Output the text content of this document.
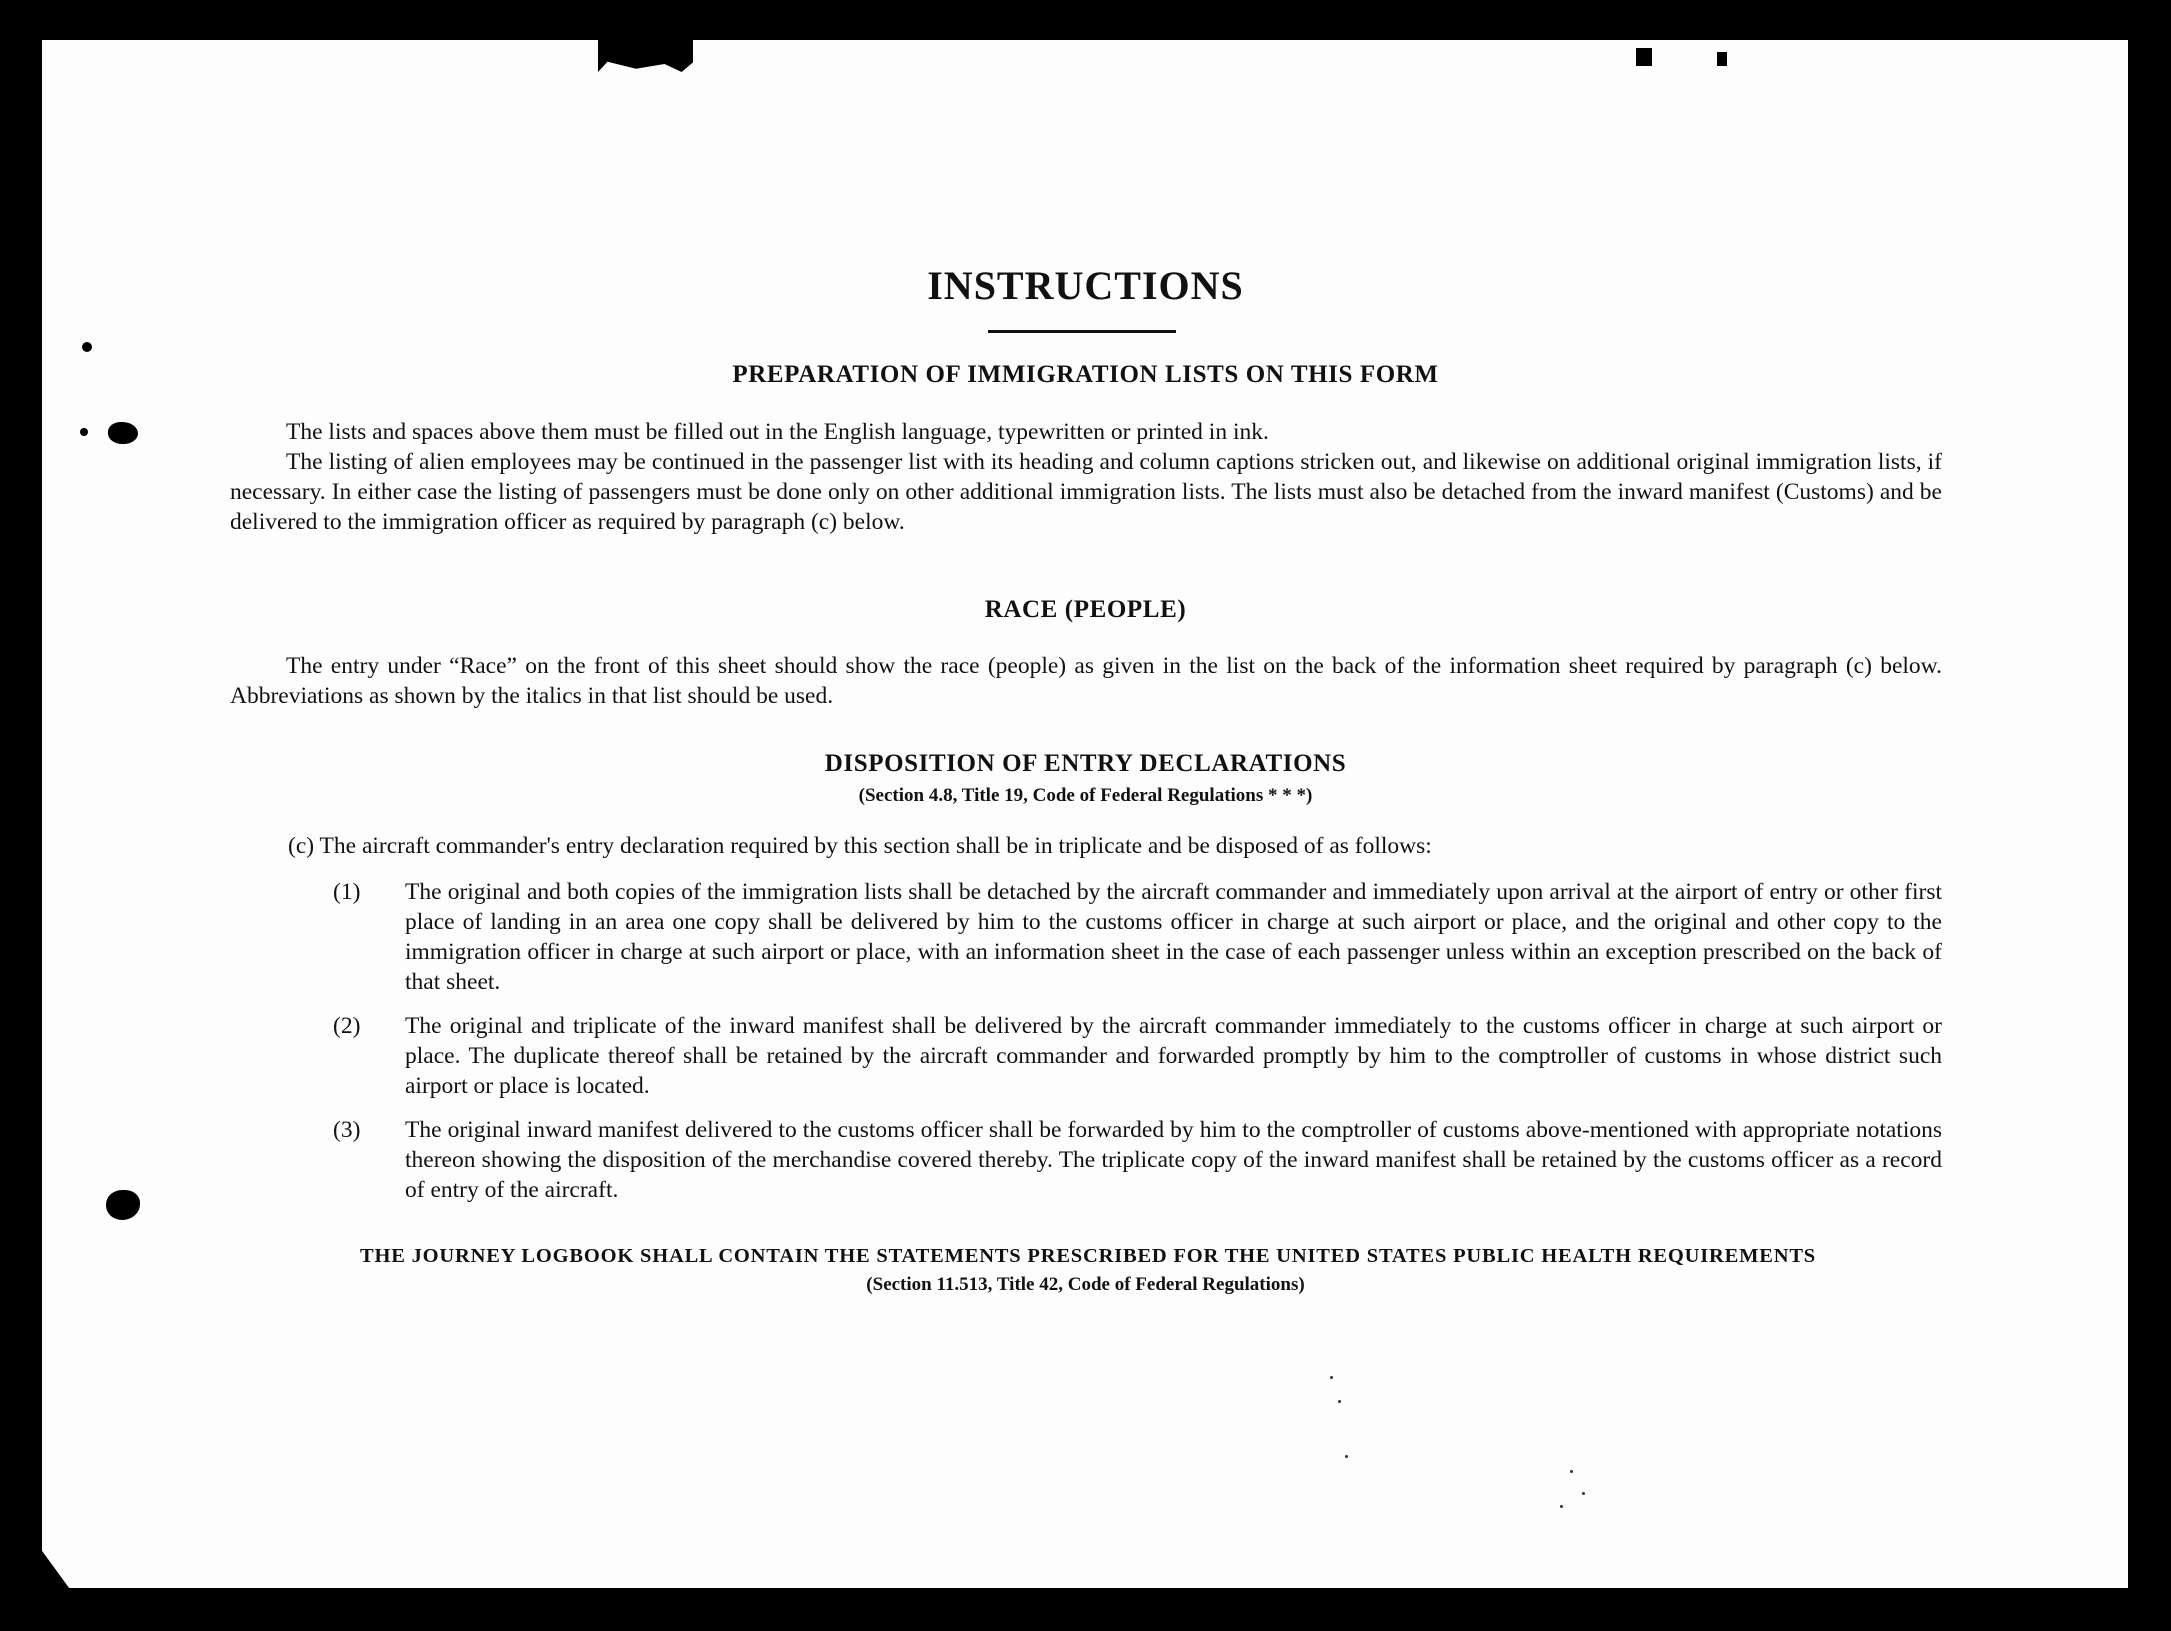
INSTRUCTIONS
PREPARATION OF IMMIGRATION LISTS ON THIS FORM

The lists and spaces above them must be filled out in the English language, typewritten or printed in ink.

The listing of alien employees may be continued in the passenger list with its heading and column captions stricken out, and likewise on additional original immigration lists, if necessary. In either case the listing of passengers must be done only on other additional immigration lists. The lists must also be detached from the inward manifest (Customs) and be delivered to the immigration officer as required by paragraph (c) below.

RACE (PEOPLE)

The entry under “Race” on the front of this sheet should show the race (people) as given in the list on the back of the information sheet required by paragraph (c) below. Abbreviations as shown by the italics in that list should be used.

DISPOSITION OF ENTRY DECLARATIONS
(Section 4.8, Title 19, Code of Federal Regulations * * *)

(c) The aircraft commander's entry declaration required by this section shall be in triplicate and be disposed of as follows:

(1) The original and both copies of the immigration lists shall be detached by the aircraft commander and immediately upon arrival at the airport of entry or other first place of landing in an area one copy shall be delivered by him to the customs officer in charge at such airport or place, and the original and other copy to the immigration officer in charge at such airport or place, with an information sheet in the case of each passenger unless within an exception prescribed on the back of that sheet.
(2) The original and triplicate of the inward manifest shall be delivered by the aircraft commander immediately to the customs officer in charge at such airport or place. The duplicate thereof shall be retained by the aircraft commander and forwarded promptly by him to the comptroller of customs in whose district such airport or place is located.
(3) The original inward manifest delivered to the customs officer shall be forwarded by him to the comptroller of customs above-mentioned with appropriate notations thereon showing the disposition of the merchandise covered thereby. The triplicate copy of the inward manifest shall be retained by the customs officer as a record of entry of the aircraft.
THE JOURNEY LOGBOOK SHALL CONTAIN THE STATEMENTS PRESCRIBED FOR THE UNITED STATES PUBLIC HEALTH REQUIREMENTS
(Section 11.513, Title 42, Code of Federal Regulations)
